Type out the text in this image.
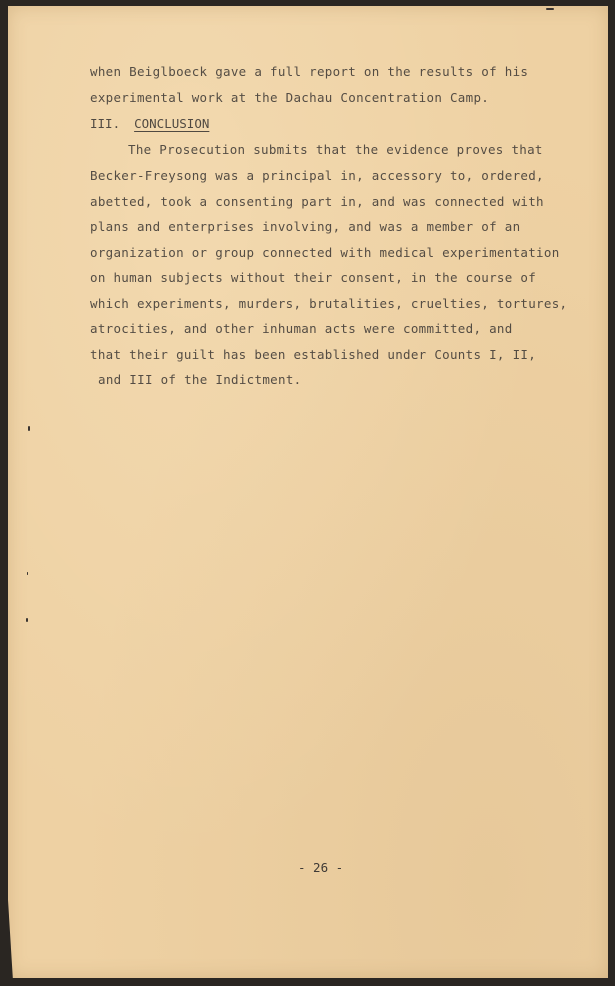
when Beiglboeck gave a full report on the results of his
experimental work at the Dachau Concentration Camp.
III. CONCLUSION
The Prosecution submits that the evidence proves that
Becker-Freysong was a principal in, accessory to, ordered,
abetted, took a consenting part in, and was connected with
plans and enterprises involving, and was a member of an
organization or group connected with medical experimentation
on human subjects without their consent, in the course of
which experiments, murders, brutalities, cruelties, tortures,
atrocities, and other inhuman acts were committed, and
that their guilt has been established under Counts I, II,
and III of the Indictment.
- 26 -
